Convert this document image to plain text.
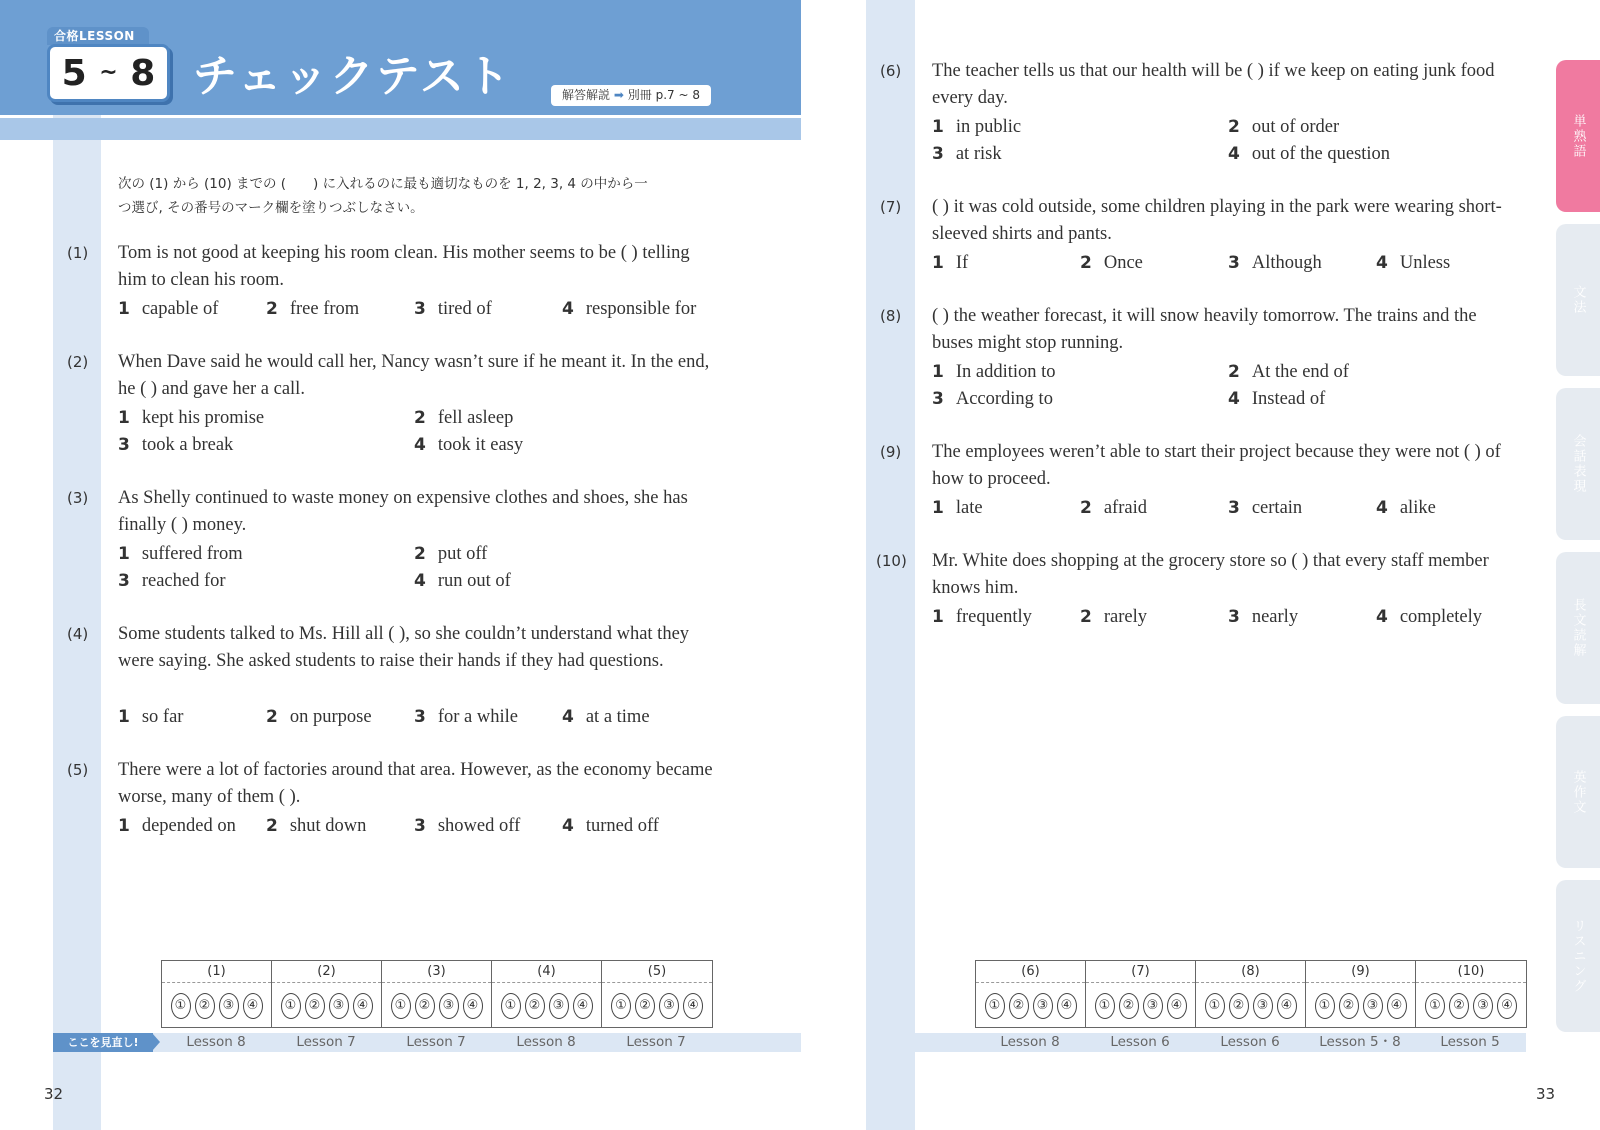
合格LESSON
5 ~ 8 チェックテスト	解答解説 ➡ 別冊 p.7 ~ 8
次の (1) から (10) までの (　　) に入れるのに最も適切なものを 1, 2, 3, 4 の中から一
つ選び, その番号のマーク欄を塗りつぶしなさい。
(1) Tom is not good at keeping his room clean. His mother seems to be ( ) telling him to clean his room.
1 capable of	2 free from	3 tired of	4 responsible for
(2) When Dave said he would call her, Nancy wasn’t sure if he meant it. In the end, he ( ) and gave her a call.
1 kept his promise	2 fell asleep
3 took a break	4 took it easy
(3) As Shelly continued to waste money on expensive clothes and shoes, she has finally ( ) money.
1 suffered from	2 put off
3 reached for	4 run out of
(4) Some students talked to Ms. Hill all ( ), so she couldn’t understand what they were saying. She asked students to raise their hands if they had questions.
1 so far	2 on purpose 3 for a while	4 at a time
(5) There were a lot of factories around that area. However, as the economy became worse, many of them ( ).
1 depended on 2 shut down	3 showed off 4 turned off
(6) The teacher tells us that our health will be ( ) if we keep on eating junk food every day.
1 in public	2 out of order
3 at risk	4 out of the question
(7) ( ) it was cold outside, some children playing in the park were wearing short-sleeved shirts and pants.
1 If	2 Once	3 Although	4 Unless
(8) ( ) the weather forecast, it will snow heavily tomorrow. The trains and the buses might stop running.
1 In addition to	2 At the end of
3 According to	4 Instead of
(9) The employees weren’t able to start their project because they were not ( ) of how to proceed.
1 late	2 afraid	3 certain	4 alike
(10) Mr. White does shopping at the grocery store so ( ) that every staff member knows him.
1 frequently	2 rarely	3 nearly	4 completely
(1)
① ② ③ ④
(2)
① ② ③ ④
(3)
① ② ③ ④
(4)
① ② ③ ④
(5)
① ② ③ ④
(6)
① ② ③ ④
(7)
① ② ③ ④
(8)
① ② ③ ④
(9)
① ② ③ ④
(10)
① ② ③ ④
ここを見直し!	Lesson 8	Lesson 7	Lesson 7	Lesson 8	Lesson 7	Lesson 8	Lesson 6	Lesson 6	Lesson 5・8	Lesson 5
32	33
単熟語
文法
会話表現
長文読解
英作文
リスニング
